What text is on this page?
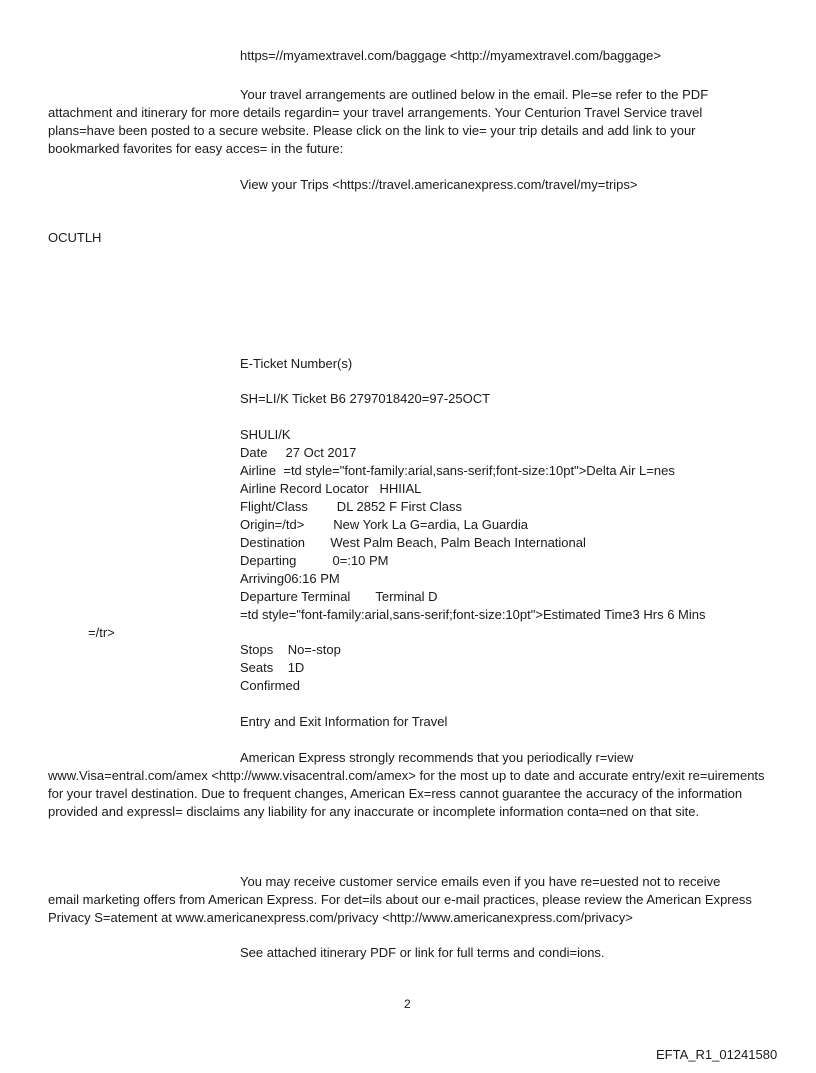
https=//myamextravel.com/baggage <http://myamextravel.com/baggage>

Your travel arrangements are outlined below in the email. Ple=se refer to the PDF

attachment and itinerary for more details regardin= your travel arrangements. Your Centurion Travel Service travel plans=have been posted to a secure website. Please click on the link to vie= your trip details and add link to your bookmarked favorites for easy acces= in the future:

View your Trips <https://travel.americanexpress.com/travel/my=trips>
OCUTLH
E-Ticket Number(s)
SH=LI/K Ticket B6 2797018420=97-25OCT
SHULI/K
Date     27 Oct 2017
Airline  =td style="font-family:arial,sans-serif;font-size:10pt">Delta Air L=nes
Airline Record Locator   HHIIAL
Flight/Class        DL 2852 F First Class
Origin=/td>        New York La G=ardia, La Guardia
Destination       West Palm Beach, Palm Beach International
Departing          0=:10 PM
Arriving06:16 PM
Departure Terminal       Terminal D
=td style="font-family:arial,sans-serif;font-size:10pt">Estimated Time3 Hrs 6 Mins
=/tr>
Stops    No=-stop
Seats    1D
Confirmed
Entry and Exit Information for Travel

American Express strongly recommends that you periodically r=view

www.Visa=entral.com/amex <http://www.visacentral.com/amex> for the most up to date and accurate entry/exit re=uirements for your travel destination. Due to frequent changes, American Ex=ress cannot guarantee the accuracy of the information provided and expressl= disclaims any liability for any inaccurate or incomplete information conta=ned on that site.

You may receive customer service emails even if you have re=uested not to receive

email marketing offers from American Express. For det=ils about our e-mail practices, please review the American Express Privacy S=atement at www.americanexpress.com/privacy <http://www.americanexpress.com/privacy>

See attached itinerary PDF or link for full terms and condi=ions.
2
EFTA_R1_01241580
